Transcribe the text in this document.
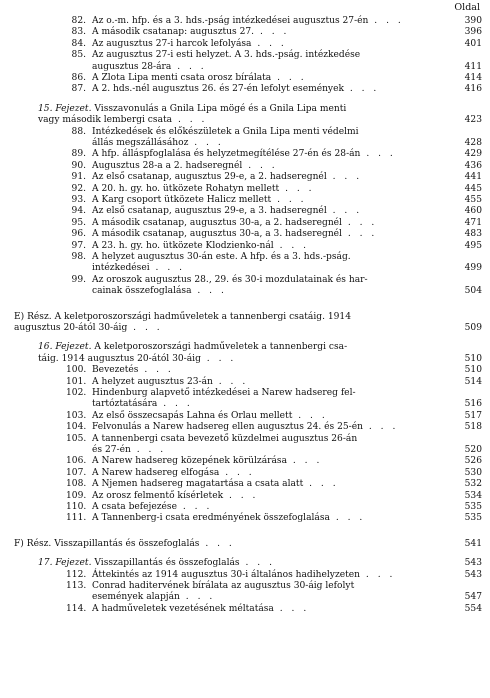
Oldal
82. Az o.-m. hfp. és a 3. hds.-pság intézkedései augusztus 27-én . . .	390
83. A második csatanap: augusztus 27. . . .	396
84. Az augusztus 27-i harcok lefolyása . . .	401
85. Az augusztus 27-i esti helyzet. A 3. hds.-pság. intézkedése
augusztus 28-ára . . .	411
86. A Zlota Lipa menti csata orosz bírálata . . .	414
87. A 2. hds.-nél augusztus 26. és 27-én lefolyt események . . .	416
15. Fejezet. Visszavonulás a Gnila Lipa mögé és a Gnila Lipa menti
vagy második lembergi csata . . .	423
88. Intézkedések és előkészületek a Gnila Lipa menti védelmi
állás megszállásához . . .	428
89. A hfp. álláspfoglalása és helyzetmegítélése 27-én és 28-án . . .	429
90. Augusztus 28-a a 2. hadseregnél . . .	436
91. Az első csatanap, augusztus 29-e, a 2. hadseregnél . . .	441
92. A 20. h. gy. ho. ütközete Rohatyn mellett . . .	445
93. A Karg csoport ütközete Halicz mellett . . .	455
94. Az első csatanap, augusztus 29-e, a 3. hadseregnél . . .	460
95. A második csatanap, augusztus 30-a, a 2. hadseregnél . . .	471
96. A második csatanap, augusztus 30-a, a 3. hadseregnél . . .	483
97. A 23. h. gy. ho. ütközete Klodzienko-nál . . .	495
98. A helyzet augusztus 30-án este. A hfp. és a 3. hds.-pság.
intézkedései . . .	499
99. Az oroszok augusztus 28., 29. és 30-i mozdulatainak és har-
cainak összefoglalása . . .	504
E) Rész. A keletporoszországi hadműveletek a tannenbergi csatáig. 1914
augusztus 20-ától 30-áig . . .	509
16. Fejezet. A keletporoszországi hadműveletek a tannenbergi csa-
táig. 1914 augusztus 20-ától 30-áig . . .	510
100. Bevezetés . . .	510
101. A helyzet augusztus 23-án . . .	514
102. Hindenburg alapvető intézkedései a Narew hadsereg fel-
tartóztatására . . .	516
103. Az első összecsapás Lahna és Orlau mellett . . .	517
104. Felvonulás a Narew hadsereg ellen augusztus 24. és 25-én . . .	518
105. A tannenbergi csata bevezető küzdelmei augusztus 26-án
és 27-én . . .	520
106. A Narew hadsereg közepének körülzárása . . .	526
107. A Narew hadsereg elfogása . . .	530
108. A Njemen hadsereg magatartása a csata alatt . . .	532
109. Az orosz felmentő kísérletek . . .	534
110. A csata befejezése . . .	535
111. A Tannenberg-i csata eredményének összefoglalása . . .	535
F) Rész. Visszapillantás és összefoglalás . . .	541
17. Fejezet. Visszapillantás és összefoglalás . . .	543
112. Áttekintés az 1914 augusztus 30-i általános hadihelyzeten . . .	543
113. Conrad haditervének bírálata az augusztus 30-áig lefolyt
események alapján . . .	547
114. A hadműveletek vezetésének méltatása . . .	554
